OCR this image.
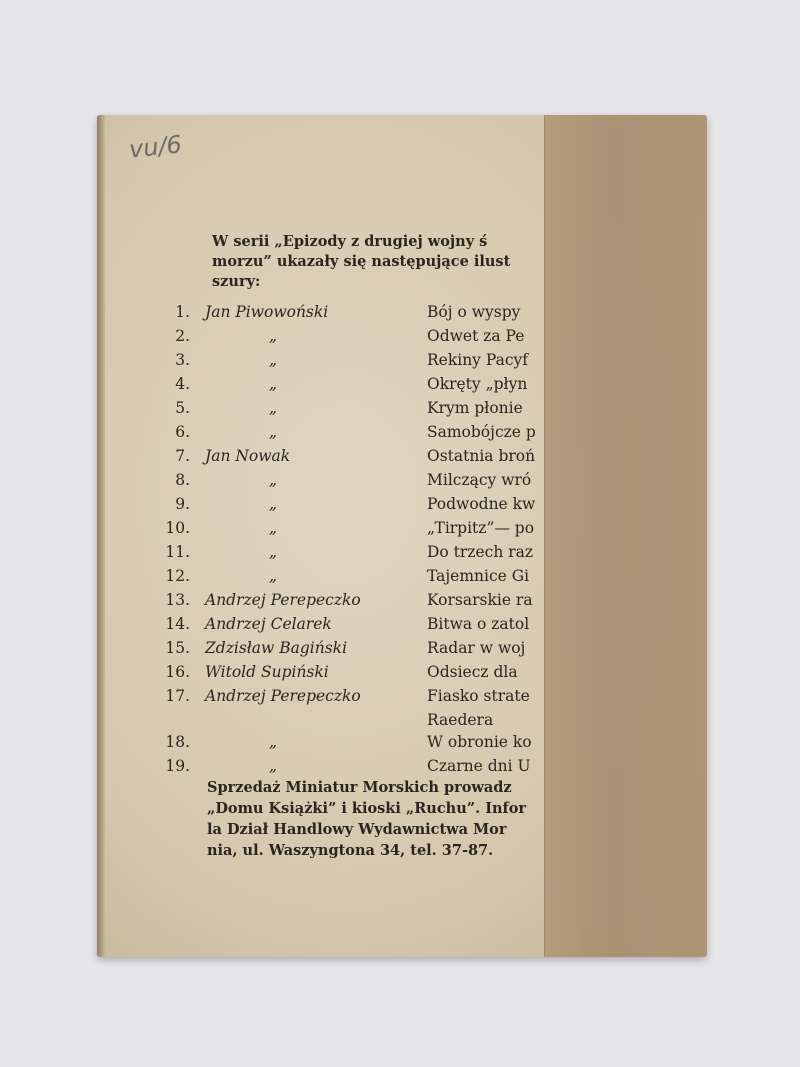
vu/6
W serii „Epizody z drugiej wojny ś
morzu” ukazały się następujące ilust
szury:
1. Jan Piwowoński	Bój o wyspy
2.	„	Odwet za Pe
3.	„	Rekiny Pacyf
4.	„	Okręty „płyn
5.	„	Krym płonie
6.	„	Samobójcze p
7. Jan Nowak	Ostatnia broń
8.	„	Milczący wró
9.	„	Podwodne kw
10.	„	„Tirpitz”— po
11.	„	Do trzech raz
12.	„	Tajemnice Gi
13. Andrzej Perepeczko	Korsarskie ra
14. Andrzej Celarek	Bitwa o zatol
15. Zdzisław Bagiński	Radar w woj
16. Witold Supiński	Odsiecz dla
17. Andrzej Perepeczko	Fiasko strate
Raedera
18.	„	W obronie ko
19.	„	Czarne dni U
Sprzedaż Miniatur Morskich prowadz
„Domu Książki” i kioski „Ruchu”. Infor
la Dział Handlowy Wydawnictwa Mor
nia, ul. Waszyngtona 34, tel. 37-87.
